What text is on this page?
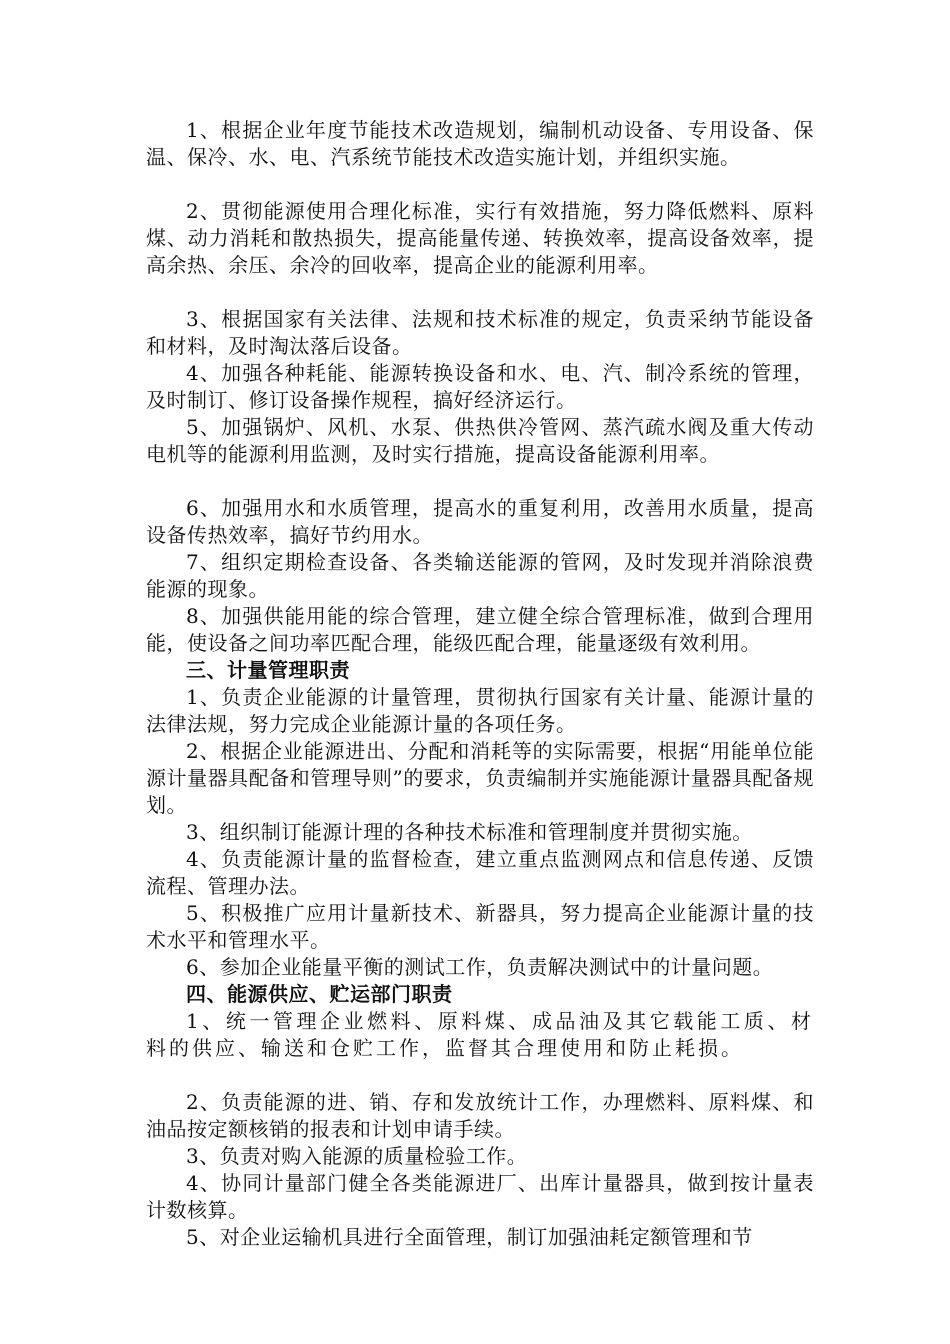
1、根据企业年度节能技术改造规划，编制机动设备、专用设备、保温、保冷、水、电、汽系统节能技术改造实施计划，并组织实施。

2、贯彻能源使用合理化标准，实行有效措施，努力降低燃料、原料煤、动力消耗和散热损失，提高能量传递、转换效率，提高设备效率，提高余热、余压、余冷的回收率，提高企业的能源利用率。

3、根据国家有关法律、法规和技术标准的规定，负责采纳节能设备和材料，及时淘汰落后设备。

4、加强各种耗能、能源转换设备和水、电、汽、制冷系统的管理，及时制订、修订设备操作规程，搞好经济运行。

5、加强锅炉、风机、水泵、供热供冷管网、蒸汽疏水阀及重大传动电机等的能源利用监测，及时实行措施，提高设备能源利用率。

6、加强用水和水质管理，提高水的重复利用，改善用水质量，提高设备传热效率，搞好节约用水。

7、组织定期检查设备、各类输送能源的管网，及时发现并消除浪费能源的现象。

8、加强供能用能的综合管理，建立健全综合管理标准，做到合理用能，使设备之间功率匹配合理，能级匹配合理，能量逐级有效利用。

三、计量管理职责

1、负责企业能源的计量管理，贯彻执行国家有关计量、能源计量的法律法规，努力完成企业能源计量的各项任务。

2、根据企业能源进出、分配和消耗等的实际需要，根据“用能单位能源计量器具配备和管理导则”的要求，负责编制并实施能源计量器具配备规划。

3、组织制订能源计理的各种技术标准和管理制度并贯彻实施。

4、负责能源计量的监督检查，建立重点监测网点和信息传递、反馈流程、管理办法。

5、积极推广应用计量新技术、新器具，努力提高企业能源计量的技术水平和管理水平。

6、参加企业能量平衡的测试工作，负责解决测试中的计量问题。

四、能源供应、贮运部门职责

1、统一管理企业燃料、原料煤、成品油及其它载能工质、材料的供应、输送和仓贮工作，监督其合理使用和防止耗损。

2、负责能源的进、销、存和发放统计工作，办理燃料、原料煤、和油品按定额核销的报表和计划申请手续。

3、负责对购入能源的质量检验工作。

4、协同计量部门健全各类能源进厂、出库计量器具，做到按计量表计数核算。

5、对企业运输机具进行全面管理，制订加强油耗定额管理和节
